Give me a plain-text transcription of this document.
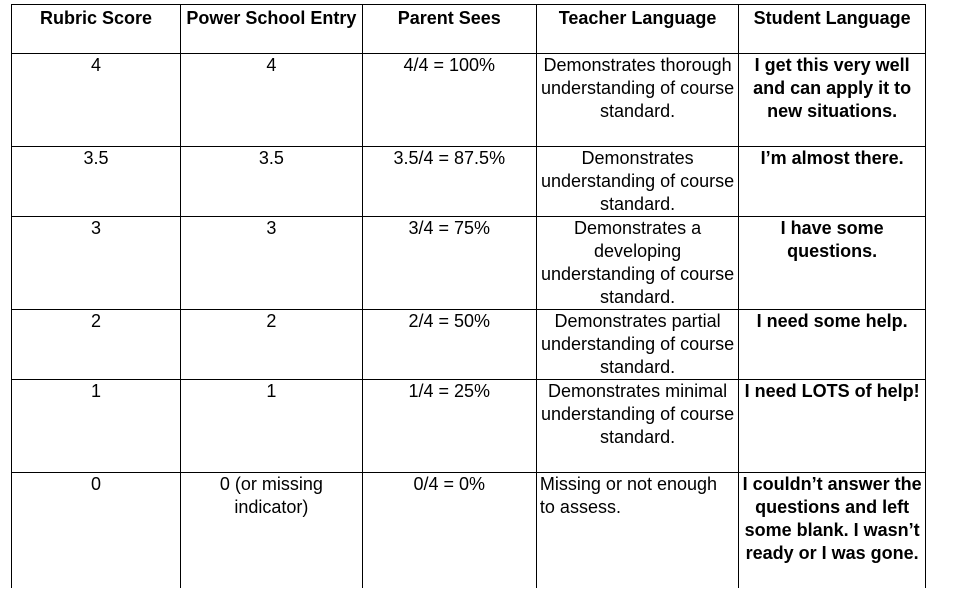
Rubric Score	Power School Entry	Parent Sees	Teacher Language	Student Language
4	4	4/4 = 100%	Demonstrates thorough understanding of course standard.	I get this very well and can apply it to new situations.
3.5	3.5	3.5/4 = 87.5%	Demonstrates understanding of course standard.	I’m almost there.
3	3	3/4 = 75%	Demonstrates a developing understanding of course standard.	I have some questions.
2	2	2/4 = 50%	Demonstrates partial understanding of course standard.	I need some help.
1	1	1/4 = 25%	Demonstrates minimal understanding of course standard.	I need LOTS of help!
0	0 (or missing indicator)	0/4 = 0%	Missing or not enough to assess.	I couldn’t answer the questions and left some blank. I wasn’t ready or I was gone.
